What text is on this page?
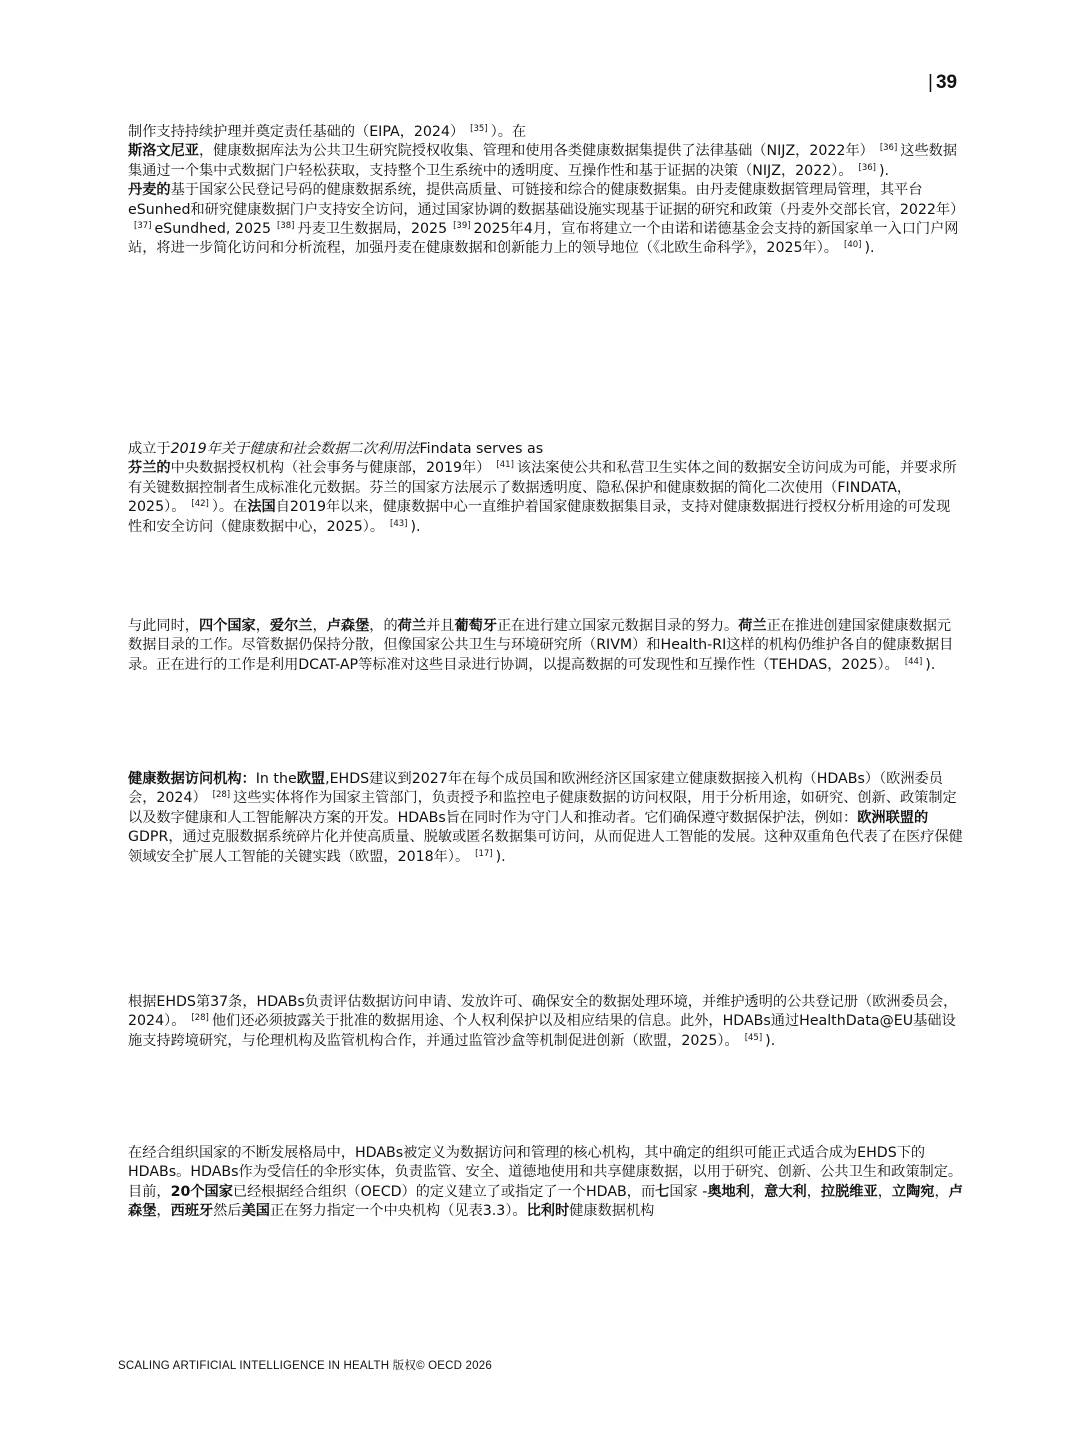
| 39

制作支持持续护理并奠定责任基础的（EIPA，2024） [35] ）。在
斯洛文尼亚，健康数据库法为公共卫生研究院授权收集、管理和使用各类健康数据集提供了法律基础（NIJZ，2022年） [36] 这些数据集通过一个集中式数据门户轻松获取，支持整个卫生系统中的透明度、互操作性和基于证据的决策（NIJZ，2022）。 [36] ).
丹麦的基于国家公民登记号码的健康数据系统，提供高质量、可链接和综合的健康数据集。由丹麦健康数据管理局管理，其平台eSunhed和研究健康数据门户支持安全访问，通过国家协调的数据基础设施实现基于证据的研究和政策（丹麦外交部长官，2022年）[37] eSundhed, 2025 [38] 丹麦卫生数据局，2025 [39] 2025年4月，宣布将建立一个由诺和诺德基金会支持的新国家单一入口门户网站，将进一步简化访问和分析流程，加强丹麦在健康数据和创新能力上的领导地位（《北欧生命科学》，2025年）。 [40] ).

成立于2019年关于健康和社会数据二次利用法Findata serves as
芬兰的中央数据授权机构（社会事务与健康部，2019年） [41] 该法案使公共和私营卫生实体之间的数据安全访问成为可能，并要求所有关键数据控制者生成标准化元数据。芬兰的国家方法展示了数据透明度、隐私保护和健康数据的简化二次使用（FINDATA，2025）。 [42] ）。在法国自2019年以来，健康数据中心一直维护着国家健康数据集目录，支持对健康数据进行授权分析用途的可发现性和安全访问（健康数据中心，2025）。 [43] ).

与此同时，四个国家，爱尔兰，卢森堡，的荷兰并且葡萄牙正在进行建立国家元数据目录的努力。荷兰正在推进创建国家健康数据元数据目录的工作。尽管数据仍保持分散，但像国家公共卫生与环境研究所（RIVM）和Health-RI这样的机构仍维护各自的健康数据目录。正在进行的工作是利用DCAT-AP等标准对这些目录进行协调，以提高数据的可发现性和互操作性（TEHDAS，2025）。 [44] ).

健康数据访问机构：In the欧盟,EHDS建议到2027年在每个成员国和欧洲经济区国家建立健康数据接入机构（HDABs）（欧洲委员会，2024） [28] 这些实体将作为国家主管部门，负责授予和监控电子健康数据的访问权限，用于分析用途，如研究、创新、政策制定以及数字健康和人工智能解决方案的开发。HDABs旨在同时作为守门人和推动者。它们确保遵守数据保护法，例如：欧洲联盟的GDPR，通过克服数据系统碎片化并使高质量、脱敏或匿名数据集可访问，从而促进人工智能的发展。这种双重角色代表了在医疗保健领域安全扩展人工智能的关键实践（欧盟，2018年）。 [17] ).

根据EHDS第37条，HDABs负责评估数据访问申请、发放许可、确保安全的数据处理环境，并维护透明的公共登记册（欧洲委员会，2024）。 [28] 他们还必须披露关于批准的数据用途、个人权利保护以及相应结果的信息。此外，HDABs通过HealthData@EU基础设施支持跨境研究，与伦理机构及监管机构合作，并通过监管沙盒等机制促进创新（欧盟，2025）。 [45] ).

在经合组织国家的不断发展格局中，HDABs被定义为数据访问和管理的核心机构，其中确定的组织可能正式适合成为EHDS下的HDABs。HDABs作为受信任的伞形实体，负责监管、安全、道德地使用和共享健康数据，以用于研究、创新、公共卫生和政策制定。目前，20个国家已经根据经合组织（OECD）的定义建立了或指定了一个HDAB，而七国家 -奥地利，意大利，拉脱维亚，立陶宛，卢森堡，西班牙然后美国正在努力指定一个中央机构（见表3.3）。比利时健康数据机构

SCALING ARTIFICIAL INTELLIGENCE IN HEALTH 版权© OECD 2026
